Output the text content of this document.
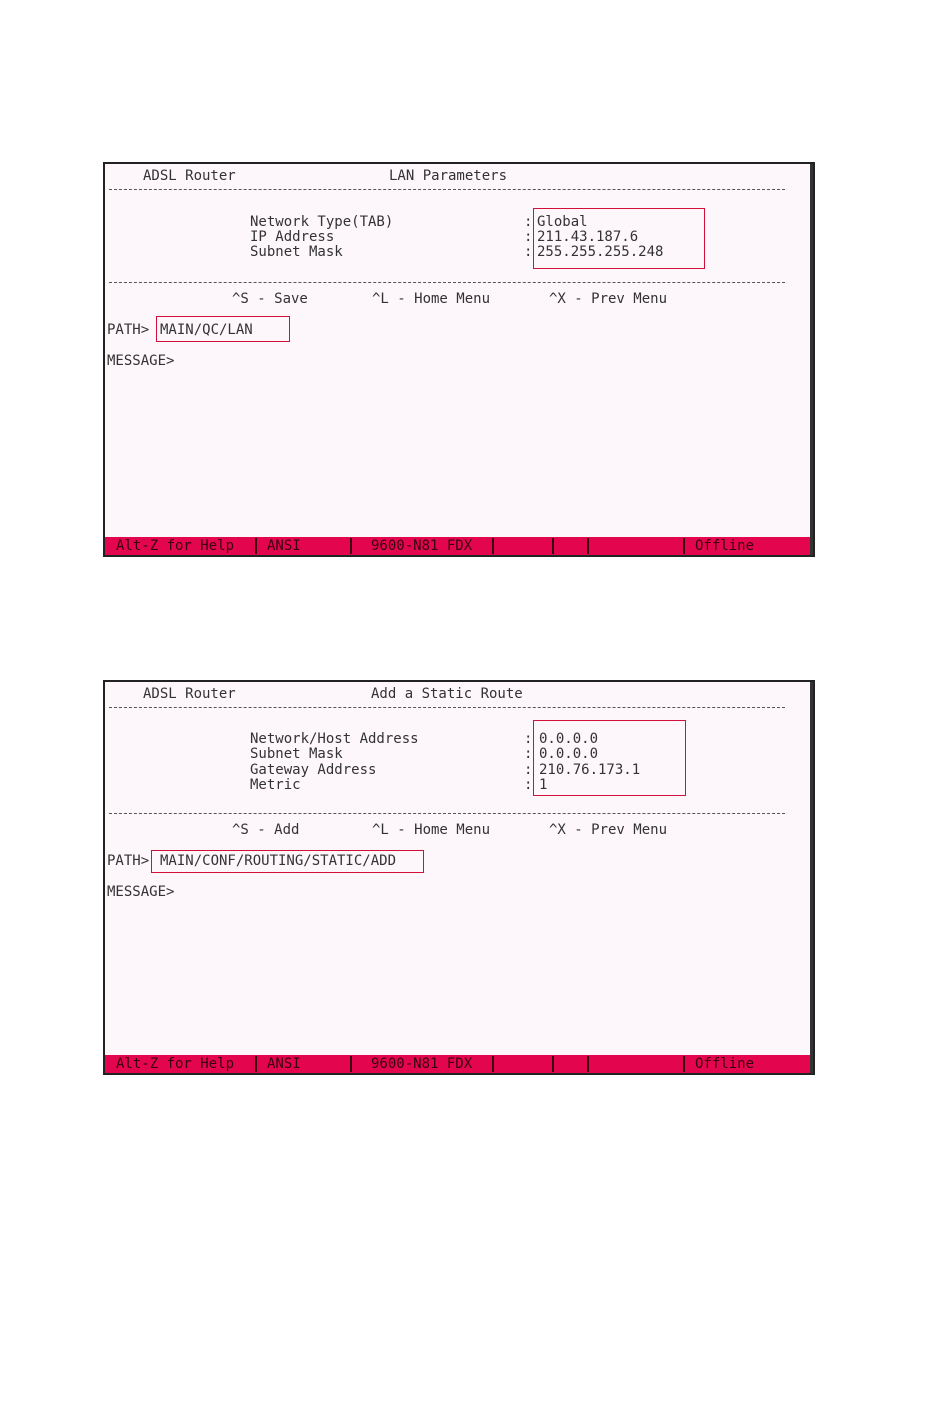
ADSL Router	LAN Parameters
Network Type(TAB)	: Global
IP Address	: 211.43.187.6
Subnet Mask	: 255.255.255.248
^S - Save	^L - Home Menu	^X - Prev Menu
PATH> MAIN/QC/LAN
MESSAGE>
Alt-Z for Help ANSI	9600-N81 FDX	Offline
ADSL Router	Add a Static Route
Network/Host Address	: 0.0.0.0
Subnet Mask	: 0.0.0.0
Gateway Address	: 210.76.173.1
Metric	: 1
^S - Add	^L - Home Menu	^X - Prev Menu
PATH> MAIN/CONF/ROUTING/STATIC/ADD
MESSAGE>
Alt-Z for Help ANSI	9600-N81 FDX	Offline
